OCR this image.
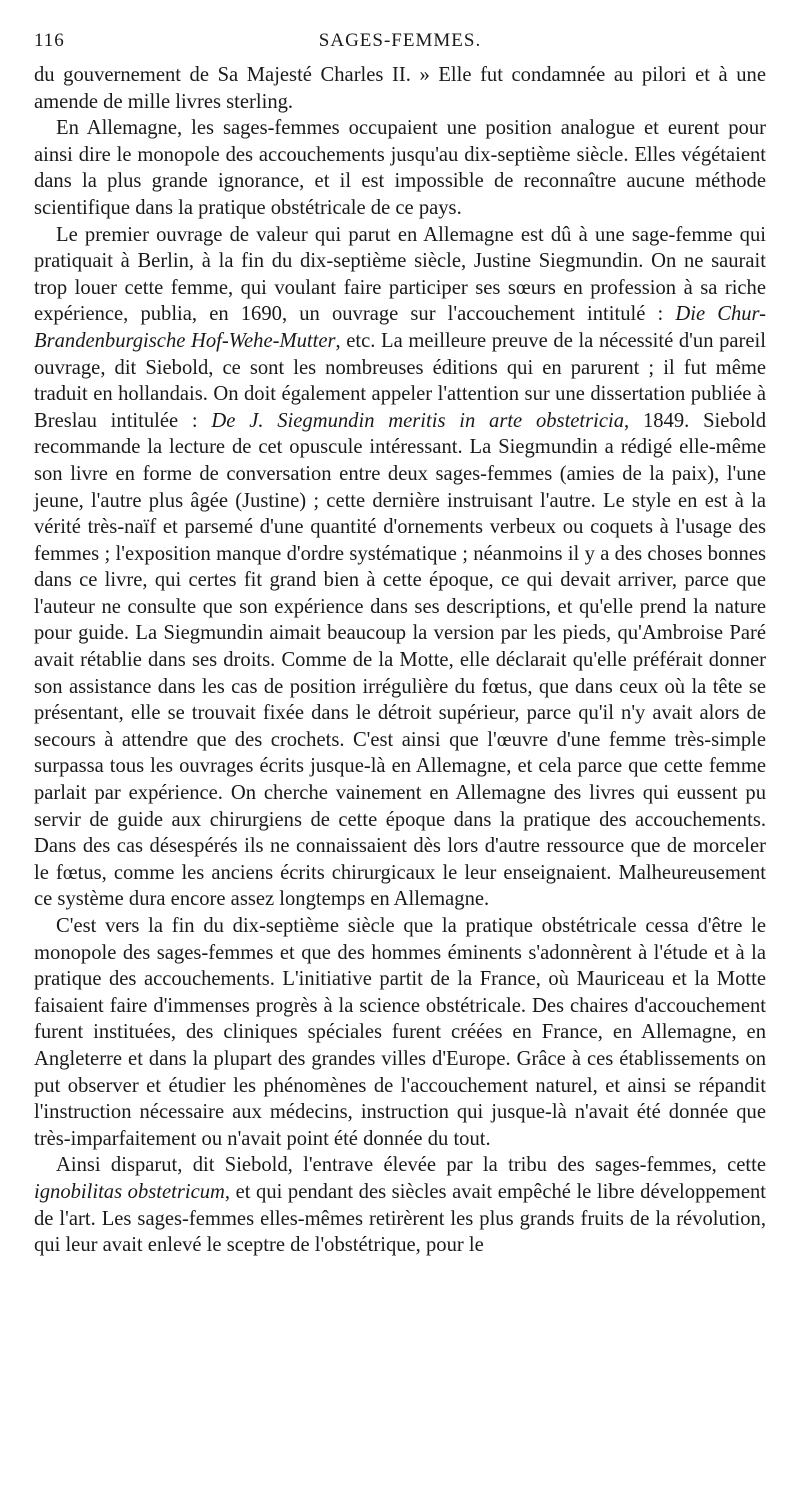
116	SAGES-FEMMES.

du gouvernement de Sa Majesté Charles II. » Elle fut condamnée au pilori et à une amende de mille livres sterling.

En Allemagne, les sages-femmes occupaient une position analogue et eurent pour ainsi dire le monopole des accouchements jusqu'au dix-septième siècle. Elles végétaient dans la plus grande ignorance, et il est impossible de reconnaître aucune méthode scientifique dans la pratique obstétricale de ce pays.

Le premier ouvrage de valeur qui parut en Allemagne est dû à une sage-femme qui pratiquait à Berlin, à la fin du dix-septième siècle, Justine Siegmundin. On ne saurait trop louer cette femme, qui voulant faire participer ses sœurs en profession à sa riche expérience, publia, en 1690, un ouvrage sur l'accouchement intitulé : Die Chur-Brandenburgische Hof-Wehe-Mutter, etc. La meilleure preuve de la nécessité d'un pareil ouvrage, dit Siebold, ce sont les nombreuses éditions qui en parurent ; il fut même traduit en hollandais. On doit également appeler l'attention sur une dissertation publiée à Breslau intitulée : De J. Siegmundin meritis in arte obstetricia, 1849. Siebold recommande la lecture de cet opuscule intéressant. La Siegmundin a rédigé elle-même son livre en forme de conversation entre deux sages-femmes (amies de la paix), l'une jeune, l'autre plus âgée (Justine) ; cette dernière instruisant l'autre. Le style en est à la vérité très-naïf et parsemé d'une quantité d'ornements verbeux ou coquets à l'usage des femmes ; l'exposition manque d'ordre systématique ; néanmoins il y a des choses bonnes dans ce livre, qui certes fit grand bien à cette époque, ce qui devait arriver, parce que l'auteur ne consulte que son expérience dans ses descriptions, et qu'elle prend la nature pour guide. La Siegmundin aimait beaucoup la version par les pieds, qu'Ambroise Paré avait rétablie dans ses droits. Comme de la Motte, elle déclarait qu'elle préférait donner son assistance dans les cas de position irrégulière du fœtus, que dans ceux où la tête se présentant, elle se trouvait fixée dans le détroit supérieur, parce qu'il n'y avait alors de secours à attendre que des crochets. C'est ainsi que l'œuvre d'une femme très-simple surpassa tous les ouvrages écrits jusque-là en Allemagne, et cela parce que cette femme parlait par expérience. On cherche vainement en Allemagne des livres qui eussent pu servir de guide aux chirurgiens de cette époque dans la pratique des accouchements. Dans des cas désespérés ils ne connaissaient dès lors d'autre ressource que de morceler le fœtus, comme les anciens écrits chirurgicaux le leur enseignaient. Malheureusement ce système dura encore assez longtemps en Allemagne.

C'est vers la fin du dix-septième siècle que la pratique obstétricale cessa d'être le monopole des sages-femmes et que des hommes éminents s'adonnèrent à l'étude et à la pratique des accouchements. L'initiative partit de la France, où Mauriceau et la Motte faisaient faire d'immenses progrès à la science obstétricale. Des chaires d'accouchement furent instituées, des cliniques spéciales furent créées en France, en Allemagne, en Angleterre et dans la plupart des grandes villes d'Europe. Grâce à ces établissements on put observer et étudier les phénomènes de l'accouchement naturel, et ainsi se répandit l'instruction nécessaire aux médecins, instruction qui jusque-là n'avait été donnée que très-imparfaitement ou n'avait point été donnée du tout.

Ainsi disparut, dit Siebold, l'entrave élevée par la tribu des sages-femmes, cette ignobilitas obstetricum, et qui pendant des siècles avait empêché le libre développement de l'art. Les sages-femmes elles-mêmes retirèrent les plus grands fruits de la révolution, qui leur avait enlevé le sceptre de l'obstétrique, pour le
